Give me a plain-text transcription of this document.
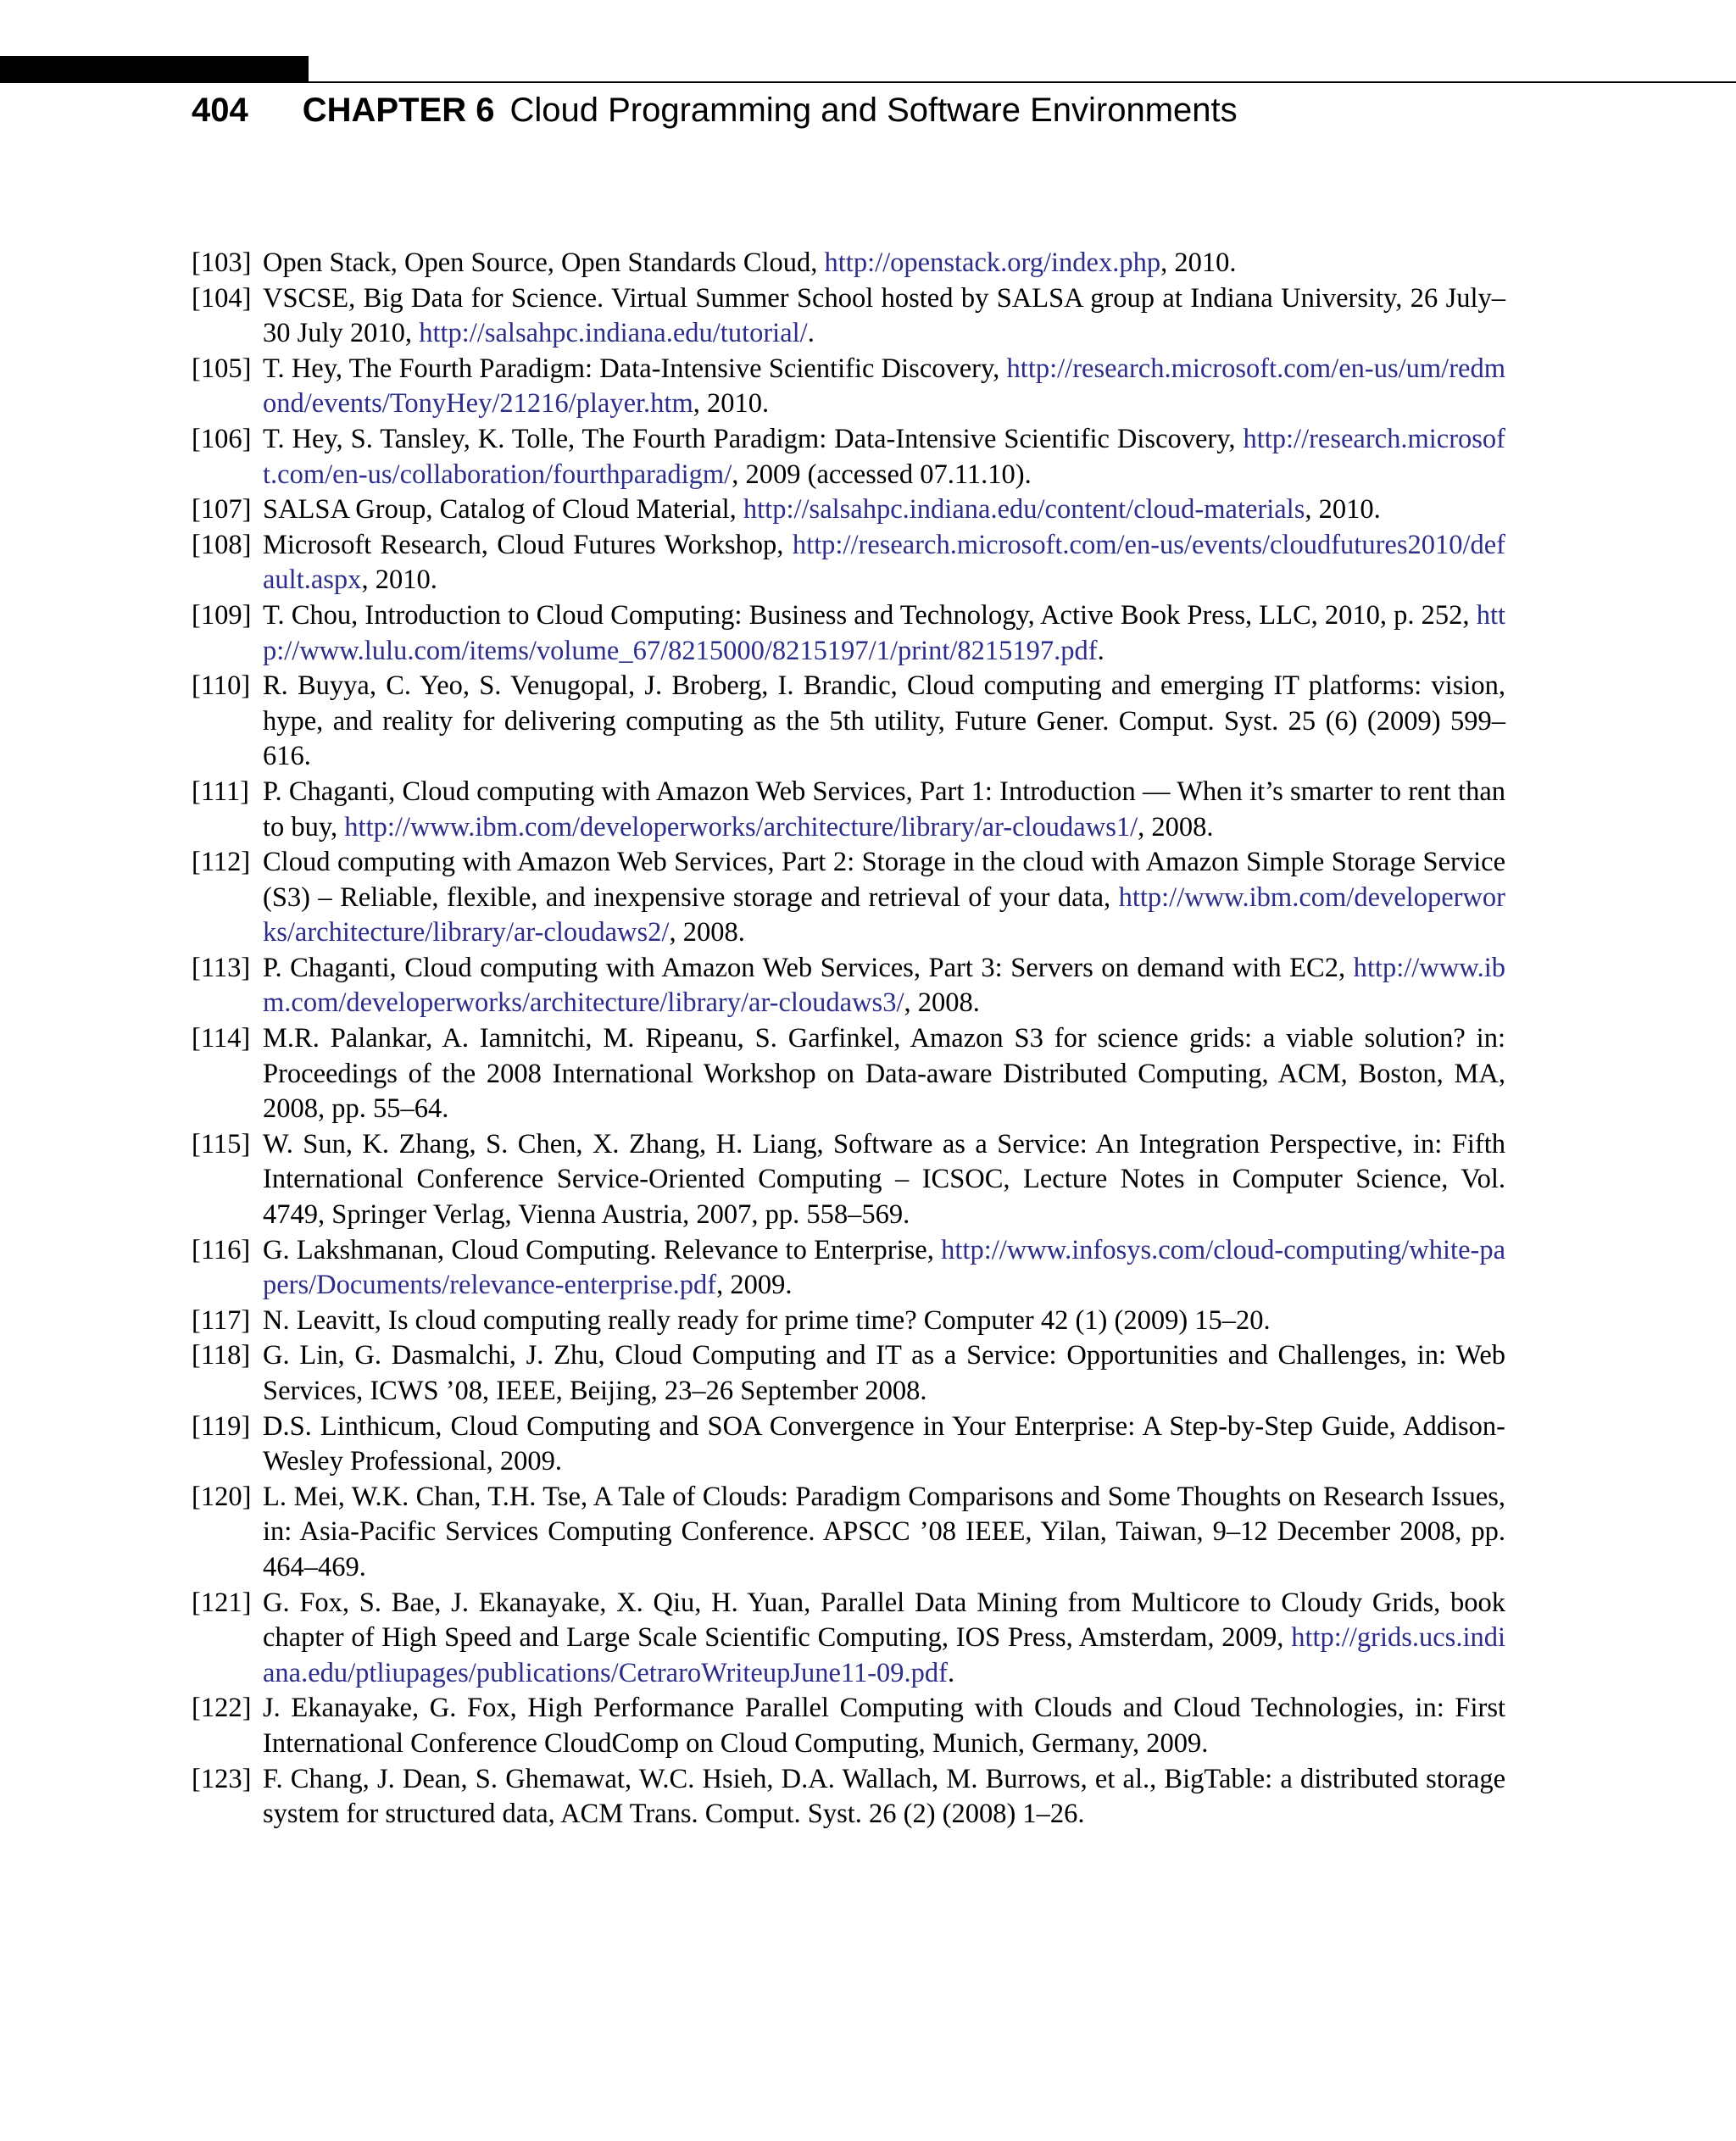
404 CHAPTER 6 Cloud Programming and Software Environments
[103] Open Stack, Open Source, Open Standards Cloud, http://openstack.org/index.php, 2010.
[104] VSCSE, Big Data for Science. Virtual Summer School hosted by SALSA group at Indiana University, 26 July–30 July 2010, http://salsahpc.indiana.edu/tutorial/.
[105] T. Hey, The Fourth Paradigm: Data-Intensive Scientific Discovery, http://research.microsoft.com/en-us/um/redmond/events/TonyHey/21216/player.htm, 2010.
[106] T. Hey, S. Tansley, K. Tolle, The Fourth Paradigm: Data-Intensive Scientific Discovery, http://research.microsoft.com/en-us/collaboration/fourthparadigm/, 2009 (accessed 07.11.10).
[107] SALSA Group, Catalog of Cloud Material, http://salsahpc.indiana.edu/content/cloud-materials, 2010.
[108] Microsoft Research, Cloud Futures Workshop, http://research.microsoft.com/en-us/events/cloudfutures2010/default.aspx, 2010.
[109] T. Chou, Introduction to Cloud Computing: Business and Technology, Active Book Press, LLC, 2010, p. 252, http://www.lulu.com/items/volume_67/8215000/8215197/1/print/8215197.pdf.
[110] R. Buyya, C. Yeo, S. Venugopal, J. Broberg, I. Brandic, Cloud computing and emerging IT platforms: vision, hype, and reality for delivering computing as the 5th utility, Future Gener. Comput. Syst. 25 (6) (2009) 599–616.
[111] P. Chaganti, Cloud computing with Amazon Web Services, Part 1: Introduction — When it’s smarter to rent than to buy, http://www.ibm.com/developerworks/architecture/library/ar-cloudaws1/, 2008.
[112] Cloud computing with Amazon Web Services, Part 2: Storage in the cloud with Amazon Simple Storage Service (S3) – Reliable, flexible, and inexpensive storage and retrieval of your data, http://www.ibm.com/developerworks/architecture/library/ar-cloudaws2/, 2008.
[113] P. Chaganti, Cloud computing with Amazon Web Services, Part 3: Servers on demand with EC2, http://www.ibm.com/developerworks/architecture/library/ar-cloudaws3/, 2008.
[114] M.R. Palankar, A. Iamnitchi, M. Ripeanu, S. Garfinkel, Amazon S3 for science grids: a viable solution? in: Proceedings of the 2008 International Workshop on Data-aware Distributed Computing, ACM, Boston, MA, 2008, pp. 55–64.
[115] W. Sun, K. Zhang, S. Chen, X. Zhang, H. Liang, Software as a Service: An Integration Perspective, in: Fifth International Conference Service-Oriented Computing – ICSOC, Lecture Notes in Computer Science, Vol. 4749, Springer Verlag, Vienna Austria, 2007, pp. 558–569.
[116] G. Lakshmanan, Cloud Computing. Relevance to Enterprise, http://www.infosys.com/cloud-computing/white-papers/Documents/relevance-enterprise.pdf, 2009.
[117] N. Leavitt, Is cloud computing really ready for prime time? Computer 42 (1) (2009) 15–20.
[118] G. Lin, G. Dasmalchi, J. Zhu, Cloud Computing and IT as a Service: Opportunities and Challenges, in: Web Services, ICWS ’08, IEEE, Beijing, 23–26 September 2008.
[119] D.S. Linthicum, Cloud Computing and SOA Convergence in Your Enterprise: A Step-by-Step Guide, Addison-Wesley Professional, 2009.
[120] L. Mei, W.K. Chan, T.H. Tse, A Tale of Clouds: Paradigm Comparisons and Some Thoughts on Research Issues, in: Asia-Pacific Services Computing Conference. APSCC ’08 IEEE, Yilan, Taiwan, 9–12 December 2008, pp. 464–469.
[121] G. Fox, S. Bae, J. Ekanayake, X. Qiu, H. Yuan, Parallel Data Mining from Multicore to Cloudy Grids, book chapter of High Speed and Large Scale Scientific Computing, IOS Press, Amsterdam, 2009, http://grids.ucs.indiana.edu/ptliupages/publications/CetraroWriteupJune11-09.pdf.
[122] J. Ekanayake, G. Fox, High Performance Parallel Computing with Clouds and Cloud Technologies, in: First International Conference CloudComp on Cloud Computing, Munich, Germany, 2009.
[123] F. Chang, J. Dean, S. Ghemawat, W.C. Hsieh, D.A. Wallach, M. Burrows, et al., BigTable: a distributed storage system for structured data, ACM Trans. Comput. Syst. 26 (2) (2008) 1–26.
